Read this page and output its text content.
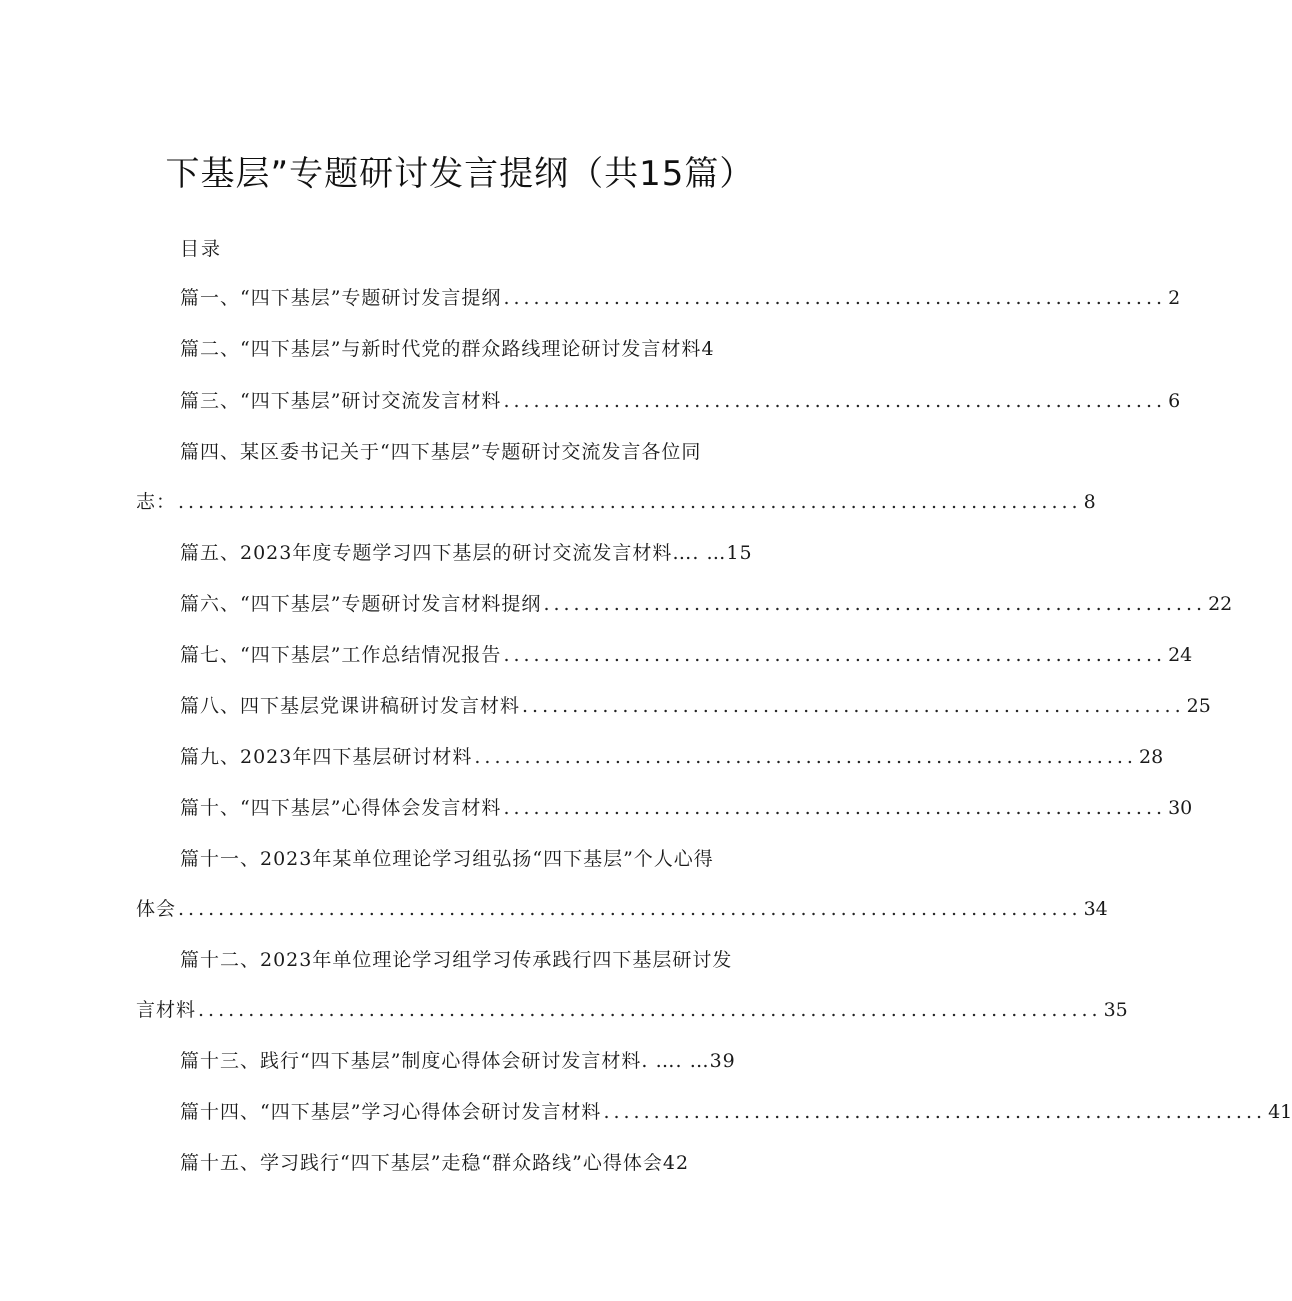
下基层”专题研讨发言提纲（共15篇）
目录
篇一、“四下基层”专题研讨发言提纲 .................................................................. 2
篇二、“四下基层”与新时代党的群众路线理论研讨发言材料4
篇三、“四下基层”研讨交流发言材料 .................................................................. 6
篇四、某区委书记关于“四下基层”专题研讨交流发言各位同
志： .......................................................................................... 8
篇五、2023年度专题学习四下基层的研讨交流发言材料…. …15
篇六、“四下基层”专题研讨发言材料提纲 .................................................................. 22
篇七、“四下基层”工作总结情况报告 .................................................................. 24
篇八、四下基层党课讲稿研讨发言材料 .................................................................. 25
篇九、2023年四下基层研讨材料 .................................................................. 28
篇十、“四下基层”心得体会发言材料 .................................................................. 30
篇十一、2023年某单位理论学习组弘扬“四下基层”个人心得
体会 .......................................................................................... 34
篇十二、2023年单位理论学习组学习传承践行四下基层研讨发
言材料 .......................................................................................... 35
篇十三、践行“四下基层”制度心得体会研讨发言材料. …. …39
篇十四、“四下基层”学习心得体会研讨发言材料 .................................................................. 41
篇十五、学习践行“四下基层”走稳“群众路线”心得体会42
